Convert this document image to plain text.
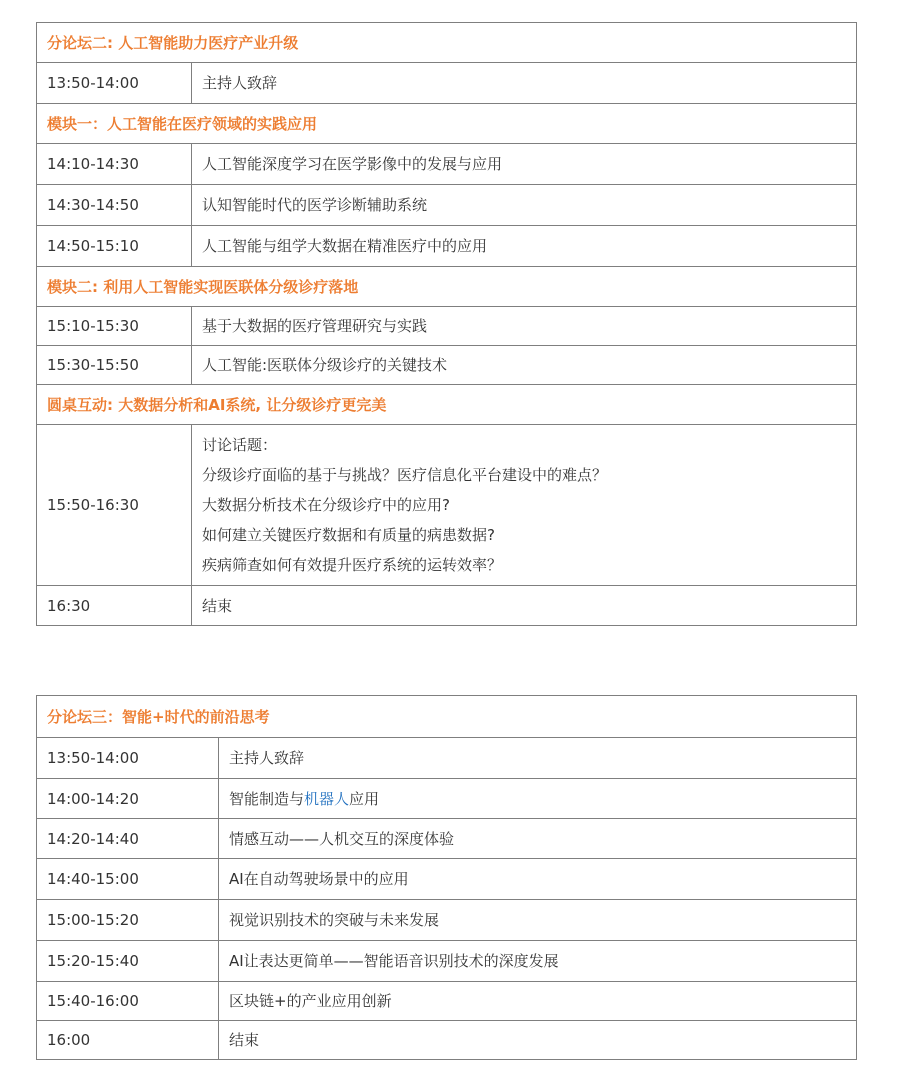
分论坛二: 人工智能助力医疗产业升级	
13:50-14:00	主持人致辞
模块一：人工智能在医疗领域的实践应用	
14:10-14:30	人工智能深度学习在医学影像中的发展与应用
14:30-14:50	认知智能时代的医学诊断辅助系统
14:50-15:10	人工智能与组学大数据在精准医疗中的应用
模块二: 利用人工智能实现医联体分级诊疗落地	
15:10-15:30	基于大数据的医疗管理研究与实践
15:30-15:50	人工智能:医联体分级诊疗的关键技术
圆桌互动: 大数据分析和AI系统, 让分级诊疗更完美	
15:50-16:30	讨论话题：
分级诊疗面临的基于与挑战？医疗信息化平台建设中的难点？
大数据分析技术在分级诊疗中的应用?
如何建立关键医疗数据和有质量的病患数据?
疾病筛查如何有效提升医疗系统的运转效率？

16:30	结束
分论坛三：智能+时代的前沿思考	
13:50-14:00	主持人致辞
14:00-14:20	智能制造与机器人应用
14:20-14:40	情感互动——人机交互的深度体验
14:40-15:00	AI在自动驾驶场景中的应用
15:00-15:20	视觉识别技术的突破与未来发展
15:20-15:40	AI让表达更简单——智能语音识别技术的深度发展
15:40-16:00	区块链+的产业应用创新
16:00	结束
